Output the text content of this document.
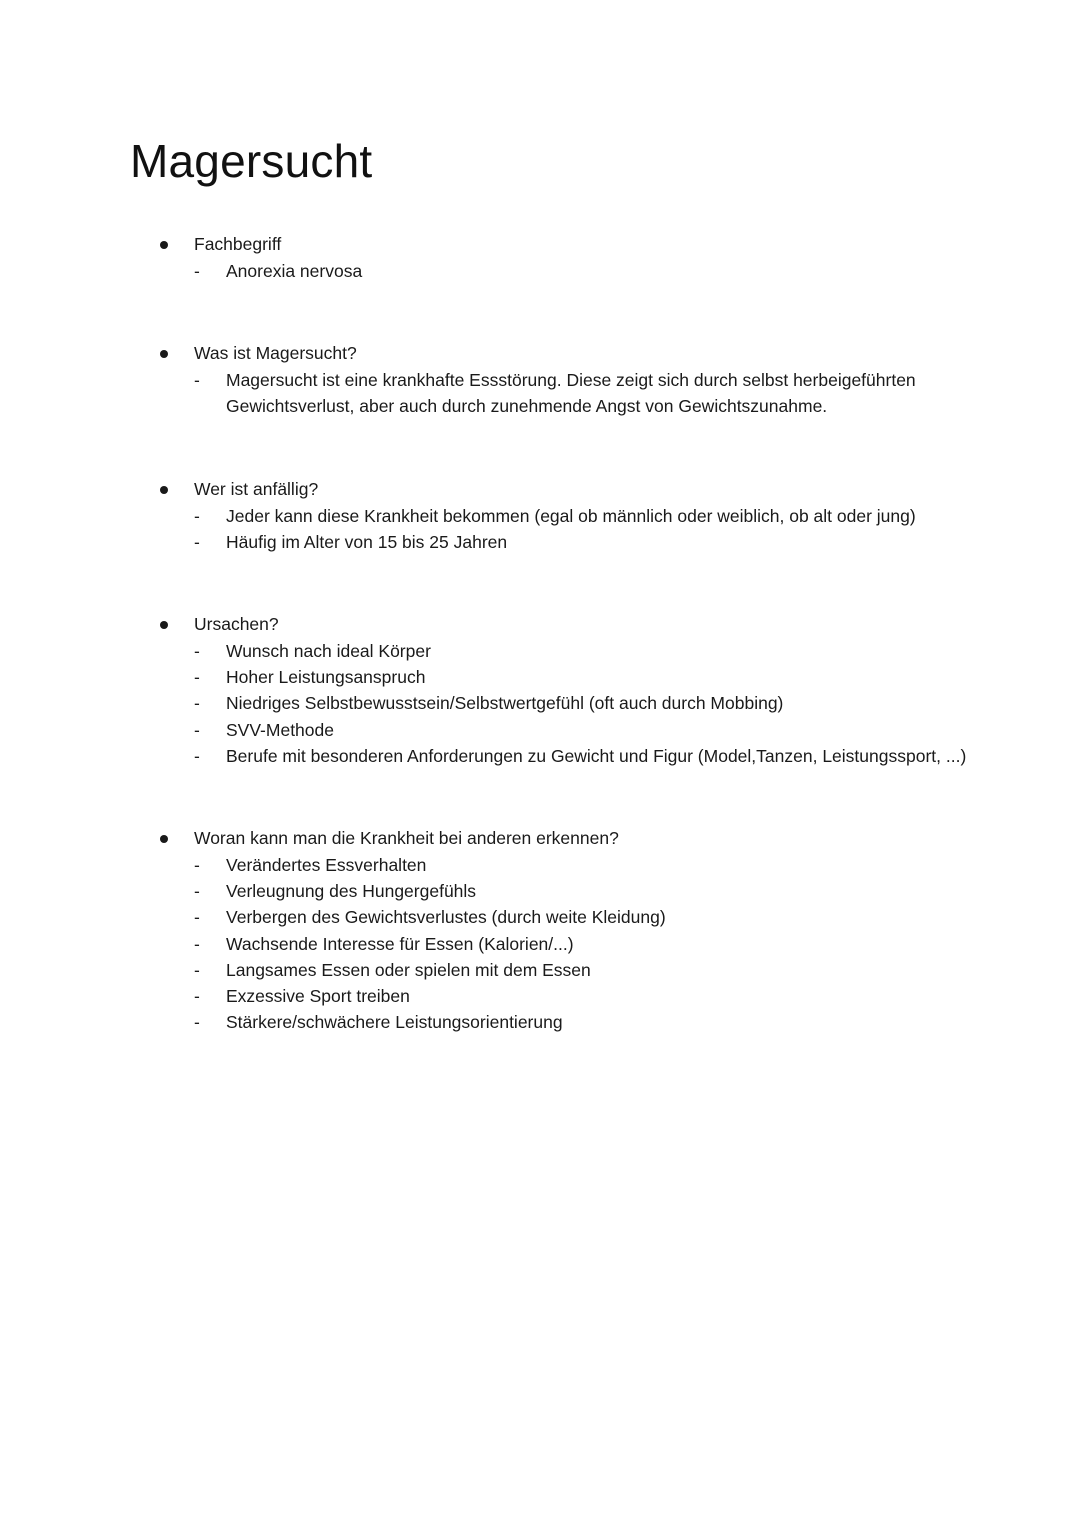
Magersucht
Fachbegriff
-	Anorexia nervosa
Was ist Magersucht?
-	Magersucht ist eine krankhafte Essstörung. Diese zeigt sich durch selbst herbeigeführten Gewichtsverlust, aber auch durch zunehmende Angst von Gewichtszunahme.
Wer ist anfällig?
-	Jeder kann diese Krankheit bekommen (egal ob männlich oder weiblich, ob alt oder jung)
-	Häufig im Alter von 15 bis 25 Jahren
Ursachen?
-	Wunsch nach ideal Körper
-	Hoher Leistungsanspruch
-	Niedriges Selbstbewusstsein/Selbstwertgefühl (oft auch durch Mobbing)
-	SVV-Methode
-	Berufe mit besonderen Anforderungen zu Gewicht und Figur (Model,Tanzen, Leistungssport, ...)
Woran kann man die Krankheit bei anderen erkennen?
-	Verändertes Essverhalten
-	Verleugnung des Hungergefühls
-	Verbergen des Gewichtsverlustes (durch weite Kleidung)
-	Wachsende Interesse für Essen (Kalorien/...)
-	Langsames Essen oder spielen mit dem Essen
-	Exzessive Sport treiben
-	Stärkere/schwächere Leistungsorientierung
